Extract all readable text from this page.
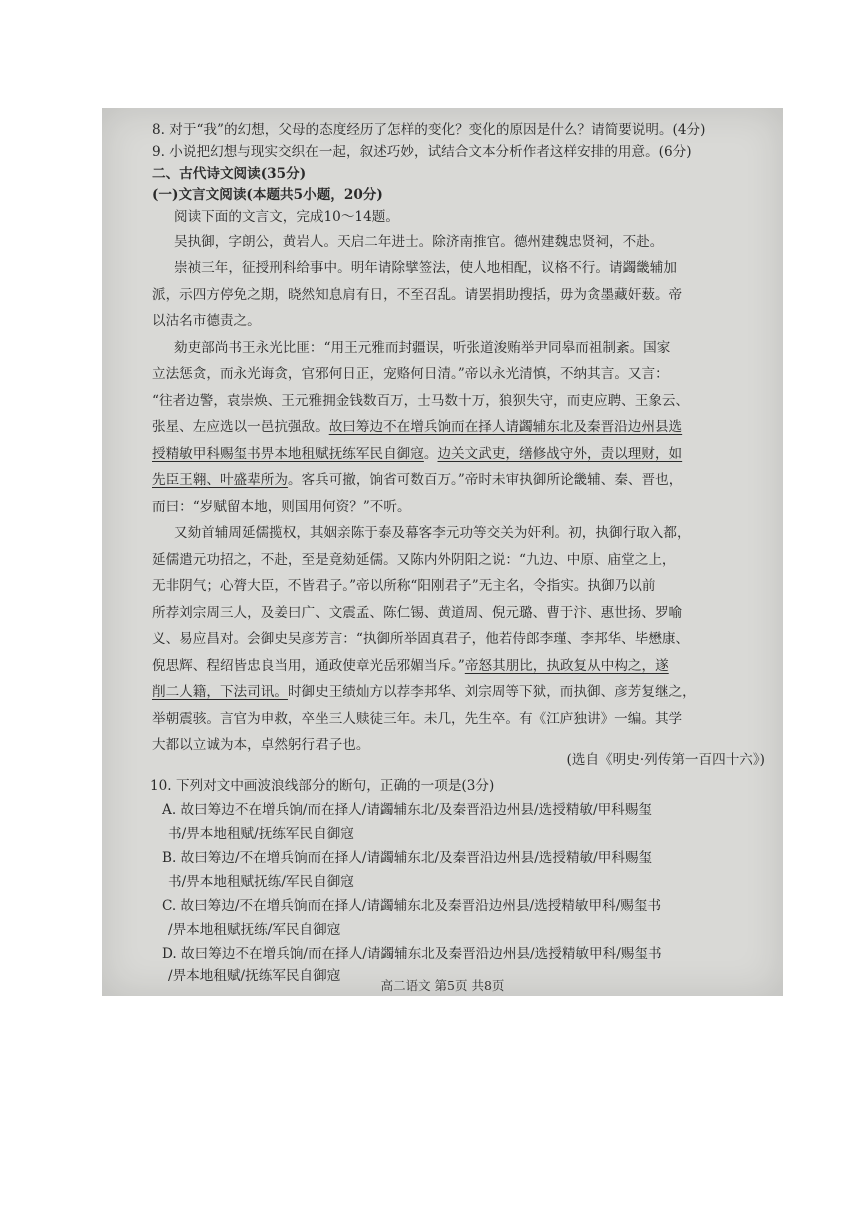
8. 对于“我”的幻想，父母的态度经历了怎样的变化？变化的原因是什么？请简要说明。(4分)
9. 小说把幻想与现实交织在一起，叙述巧妙，试结合文本分析作者这样安排的用意。(6分)
二、古代诗文阅读(35分)
(一)文言文阅读(本题共5小题，20分)
阅读下面的文言文，完成10～14题。
吴执御，字朗公，黄岩人。天启二年进士。除济南推官。德州建魏忠贤祠，不赴。
崇祯三年，征授刑科给事中。明年请除擘签法，使人地相配，议格不行。请蠲畿辅加
派，示四方停免之期，晓然知息肩有日，不至召乱。请罢捐助搜括，毋为贪墨藏奸薮。帝
以沽名市德责之。
劾吏部尚书王永光比匪：“用王元雅而封疆误，听张道浚贿举尹同皋而祖制紊。国家
立法惩贪，而永光诲贪，官邪何日正，宠赂何日清。”帝以永光清慎，不纳其言。又言：
“往者边警，袁崇焕、王元雅拥金钱数百万，士马数十万，狼狈失守，而吏应聘、王象云、
张星、左应选以一邑抗强敌。故曰筹边不在增兵饷而在择人请蠲辅东北及秦晋沿边州县选
授精敏甲科赐玺书畀本地租赋抚练军民自御寇。边关文武吏，缮修战守外，责以理财，如
先臣王翱、叶盛辈所为。客兵可撤，饷省可数百万。”帝时未审执御所论畿辅、秦、晋也，
而曰：“岁赋留本地，则国用何资？”不听。
又劾首辅周延儒揽权，其姻亲陈于泰及幕客李元功等交关为奸利。初，执御行取入都，
延儒遣元功招之，不赴，至是竟劾延儒。又陈内外阴阳之说：“九边、中原、庙堂之上，
无非阴气；心膂大臣，不皆君子。”帝以所称“阳刚君子”无主名，令指实。执御乃以前
所荐刘宗周三人，及姜曰广、文震孟、陈仁锡、黄道周、倪元璐、曹于汴、惠世扬、罗喻
义、易应昌对。会御史吴彦芳言：“执御所举固真君子，他若侍郎李瑾、李邦华、毕懋康、
倪思辉、程绍皆忠良当用，通政使章光岳邪媚当斥。”帝怒其朋比，执政复从中构之，遂
削二人籍，下法司讯。时御史王绩灿方以荐李邦华、刘宗周等下狱，而执御、彦芳复继之，
举朝震骇。言官为申救，卒坐三人赎徒三年。未几，先生卒。有《江庐独讲》一编。其学
大都以立诚为本，卓然躬行君子也。
(选自《明史·列传第一百四十六》)
10. 下列对文中画波浪线部分的断句，正确的一项是(3分)
A. 故曰筹边不在增兵饷/而在择人/请蠲辅东北/及秦晋沿边州县/选授精敏/甲科赐玺
书/畀本地租赋/抚练军民自御寇
B. 故曰筹边/不在增兵饷而在择人/请蠲辅东北/及秦晋沿边州县/选授精敏/甲科赐玺
书/畀本地租赋抚练/军民自御寇
C. 故曰筹边/不在增兵饷而在择人/请蠲辅东北及秦晋沿边州县/选授精敏甲科/赐玺书
/畀本地租赋抚练/军民自御寇
D. 故曰筹边不在增兵饷/而在择人/请蠲辅东北及秦晋沿边州县/选授精敏甲科/赐玺书
/畀本地租赋/抚练军民自御寇
高二语文 第5页 共8页
